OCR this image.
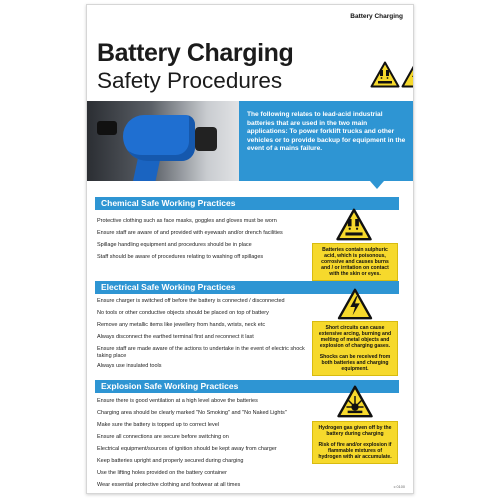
Battery Charging
Battery Charging
Safety Procedures
The following relates to lead-acid industrial batteries that are used in the two main applications: To power forklift trucks and other vehicles or to provide backup for equipment in the event of a mains failure.
Chemical Safe Working Practices
Protective clothing such as face masks, goggles and gloves must be worn
Ensure staff are aware of and provided with eyewash and/or drench facilities
Spillage handling equipment and procedures should be in place
Staff should be aware of procedures relating to washing off spillages
Batteries contain sulphuric acid, which is poisonous, corrosive and causes burns and / or irritation on contact with the skin or eyes.
Electrical Safe Working Practices
Ensure charger is switched off before the battery is connected / disconnected
No tools or other conductive objects should be placed on top of battery
Remove any metallic items like jewellery from hands, wrists, neck etc
Always disconnect the earthed terminal first and reconnect it last
Ensure staff are made aware of the actions to undertake in the event of electric shock taking place
Always use insulated tools
Short circuits can cause extensive arcing, burning and melting of metal objects and explosion of charging gases.
Shocks can be received from both batteries and charging equipment.
Explosion Safe Working Practices
Ensure there is good ventilation at a high level above the batteries
Charging area should be clearly marked "No Smoking" and "No Naked Lights"
Make sure the battery is topped up to correct level
Ensure all connections are secure before switching on
Electrical equipment/sources of ignition should be kept away from charger
Keep batteries upright and properly secured during charging
Use the lifting holes provided on the battery container
Wear essential protective clothing and footwear at all times
Hydrogen gas given off by the battery during charging
Risk of fire and/or explosion if flammable mixtures of hydrogen with air accumulate.
c 0100
